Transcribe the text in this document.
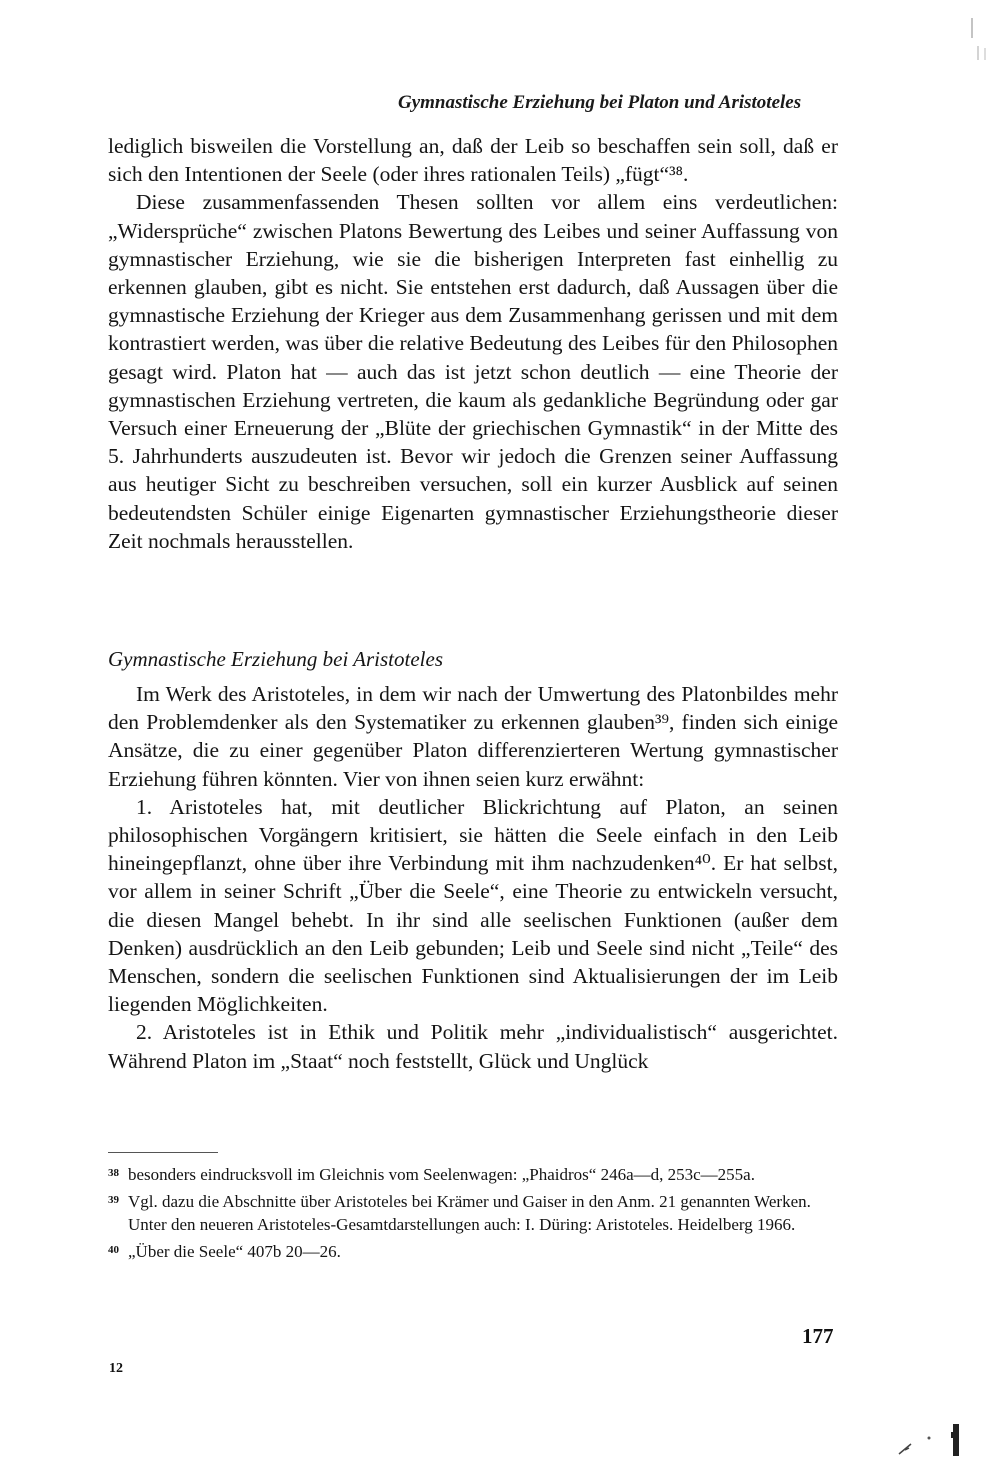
Gymnastische Erziehung bei Platon und Aristoteles

lediglich bisweilen die Vorstellung an, daß der Leib so beschaffen sein soll, daß er sich den Intentionen der Seele (oder ihres rationalen Teils) „fügt“³⁸.

Diese zusammenfassenden Thesen sollten vor allem eins verdeutlichen: „Widersprüche“ zwischen Platons Bewertung des Leibes und seiner Auffassung von gymnastischer Erziehung, wie sie die bisherigen Interpreten fast einhellig zu erkennen glauben, gibt es nicht. Sie entstehen erst dadurch, daß Aussagen über die gymnastische Erziehung der Krieger aus dem Zusammenhang gerissen und mit dem kontrastiert werden, was über die relative Bedeutung des Leibes für den Philosophen gesagt wird. Platon hat — auch das ist jetzt schon deutlich — eine Theorie der gymnastischen Erziehung vertreten, die kaum als gedankliche Begründung oder gar Versuch einer Erneuerung der „Blüte der griechischen Gymnastik“ in der Mitte des 5. Jahrhunderts auszudeuten ist. Bevor wir jedoch die Grenzen seiner Auffassung aus heutiger Sicht zu beschreiben versuchen, soll ein kurzer Ausblick auf seinen bedeutendsten Schüler einige Eigenarten gymnastischer Erziehungstheorie dieser Zeit nochmals herausstellen.

Gymnastische Erziehung bei Aristoteles

Im Werk des Aristoteles, in dem wir nach der Umwertung des Platonbildes mehr den Problemdenker als den Systematiker zu erkennen glauben³⁹, finden sich einige Ansätze, die zu einer gegenüber Platon differenzierteren Wertung gymnastischer Erziehung führen könnten. Vier von ihnen seien kurz erwähnt:

1. Aristoteles hat, mit deutlicher Blickrichtung auf Platon, an seinen philosophischen Vorgängern kritisiert, sie hätten die Seele einfach in den Leib hineingepflanzt, ohne über ihre Verbindung mit ihm nachzudenken⁴⁰. Er hat selbst, vor allem in seiner Schrift „Über die Seele“, eine Theorie zu entwickeln versucht, die diesen Mangel behebt. In ihr sind alle seelischen Funktionen (außer dem Denken) ausdrücklich an den Leib gebunden; Leib und Seele sind nicht „Teile“ des Menschen, sondern die seelischen Funktionen sind Aktualisierungen der im Leib liegenden Möglichkeiten.

2. Aristoteles ist in Ethik und Politik mehr „individualistisch“ ausgerichtet. Während Platon im „Staat“ noch feststellt, Glück und Unglück

38 besonders eindrucksvoll im Gleichnis vom Seelenwagen: „Phaidros“ 246a—d, 253c—255a.

39 Vgl. dazu die Abschnitte über Aristoteles bei Krämer und Gaiser in den Anm. 21 genannten Werken. Unter den neueren Aristoteles-Gesamtdarstellungen auch: I. Düring: Aristoteles. Heidelberg 1966.

40 „Über die Seele“ 407b 20—26.

177
12
